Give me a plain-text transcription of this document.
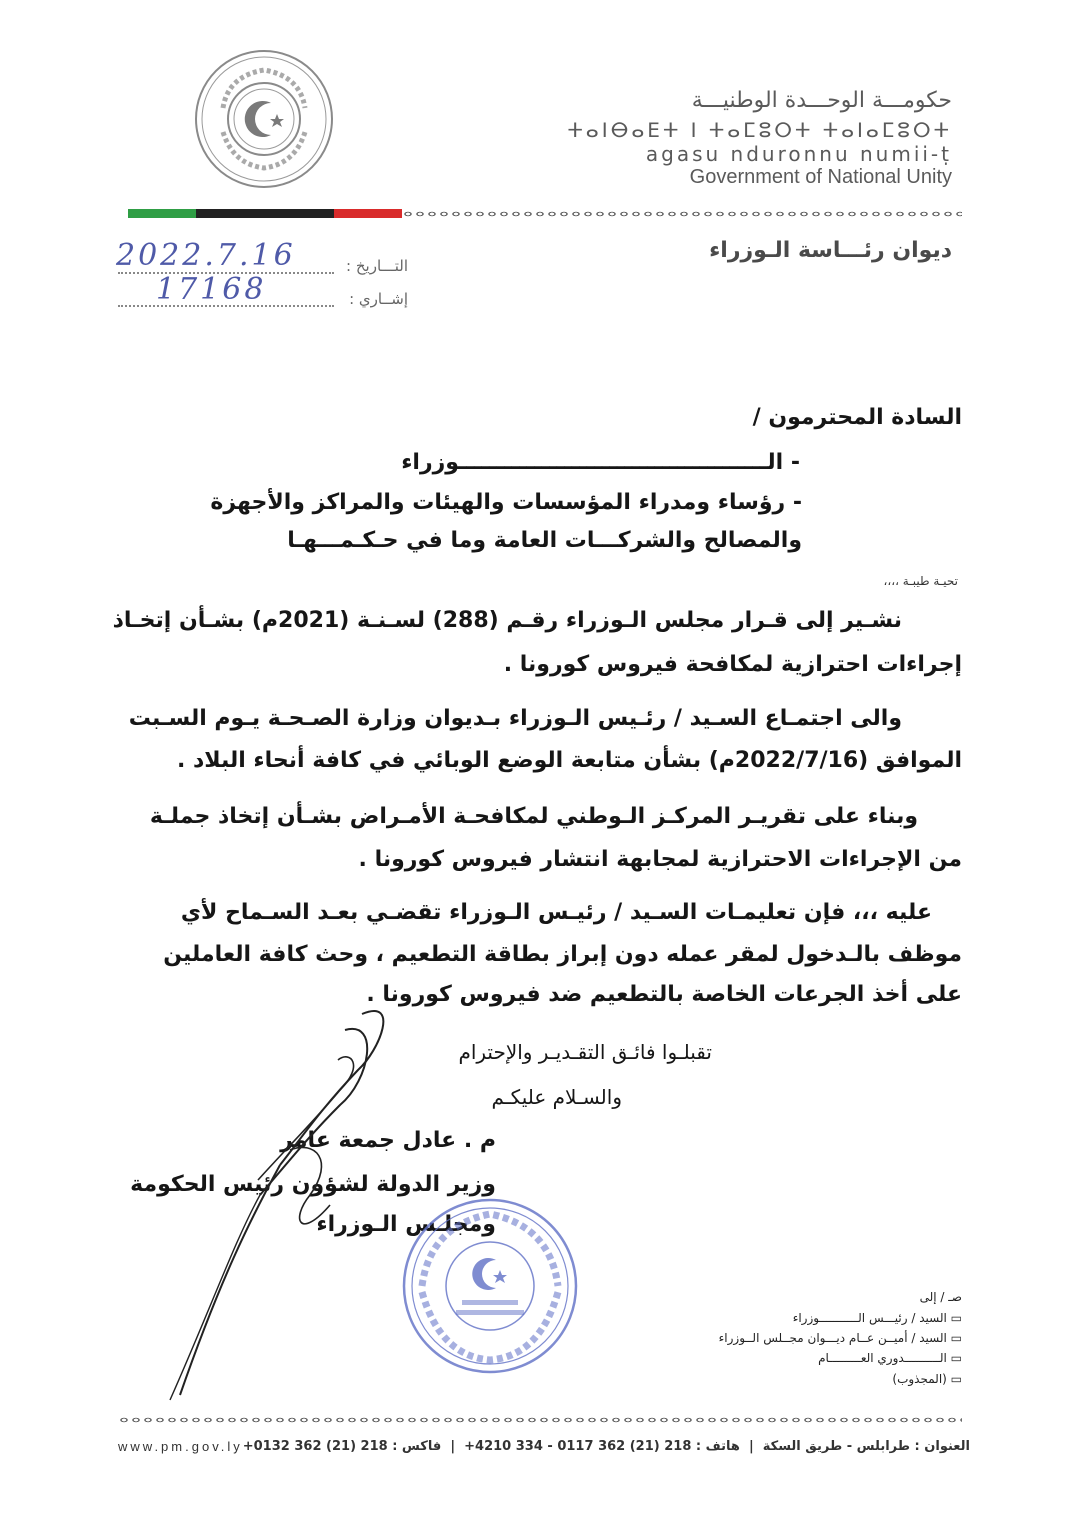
حكومـــة الوحـــدة الوطنيـــة
ⵜⴰⵏⴱⴰⴹⵜ ⵏ ⵜⴰⵎⵓⵔⵜ ⵜⴰⵏⴰⵎⵓⵔⵜ
agasu nduronnu numii-ṭ
Government of National Unity
ديوان رئـــاسة الـوزراء
التـــاريخ :
2022.7.16
إشــاري :
17168
السادة المحترمون /
- الـــــــــــــــــــــــــــــــــــــــــوزراء
- رؤساء ومدراء المؤسسات والهيئات والمراكز والأجهزة
والمصالح والشركـــات العامة وما في حـكـمـــهـا
تحيـة طيبـة ،،،،
نشـير إلى قـرار مجلس الـوزراء رقـم (288) لسـنـة (2021م) بشـأن إتخـاذ
إجراءات احترازية لمكافحة فيروس كورونا .
والى اجتمـاع السـيد / رئـيس الـوزراء بـديوان وزارة الصـحـة يـوم السـبت
الموافق (2022/7/16م) بشأن متابعة الوضع الوبائي في كافة أنحاء البلاد .
وبناء على تقريـر المركـز الـوطني لمكافحـة الأمـراض بشـأن إتخاذ جملـة
من الإجراءات الاحترازية لمجابهة انتشار فيروس كورونا .
عليه ،،، فإن تعليمـات السـيد / رئيـس الـوزراء تقضـي بعـد السـماح لأي
موظف بالـدخول لمقر عمله دون إبراز بطاقة التطعيم ، وحث كافة العاملين
على أخذ الجرعات الخاصة بالتطعيم ضد فيروس كورونا .
تقبلـوا فائـق التقـديـر والإحترام
والسـلام عليكـم
م . عادل جمعة عامر
وزير الدولة لشؤون رئيس الحكومة
ومجلـس الـوزراء
صـ / إلى
▭ السيد / رئيـــس الـــــــــــوزراء
▭ السيد / أميــن عــام ديـــوان مجــلس الــوزراء
▭ الــــــــــدوري العـــــــــام
▭ (المجذوب)
www.pm.gov.ly	العنوان : طرابلس - طريق السكة  |  هاتف : 218 (21) 362 0117 - 334 4210+  |  فاكس : 218 (21) 362 0132+
